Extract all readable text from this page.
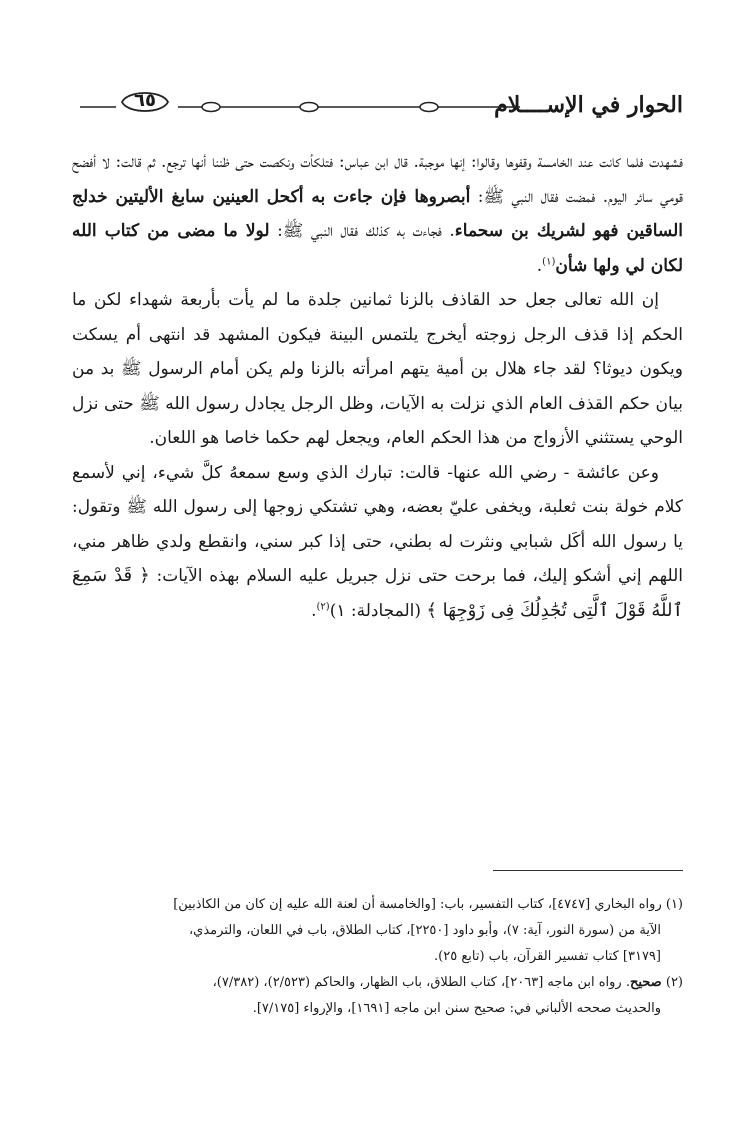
الحوار في الإســــلام
٦٥

فشهدت فلما كانت عند الخامسة وقفوها وقالوا: إنها موجبة. قال ابن عباس: فتلكأت ونكصت حتى ظننا أنها ترجع. ثم قالت: لا أفضح قومي سائر اليوم. فمضت فقال النبي ﷺ: أبصروها فإن جاءت به أكحل العينين سابغ الأليتين خدلج الساقين فهو لشريك بن سحماء. فجاءت به كذلك فقال النبي ﷺ: لولا ما مضى من كتاب الله لكان لي ولها شأن$^{(١)}$.

إن الله تعالى جعل حد القاذف بالزنا ثمانين جلدة ما لم يأت بأربعة شهداء لكن ما الحكم إذا قذف الرجل زوجته أيخرج يلتمس البينة فيكون المشهد قد انتهى أم يسكت ويكون ديوثا؟ لقد جاء هلال بن أمية يتهم امرأته بالزنا ولم يكن أمام الرسول ﷺ بد من بيان حكم القذف العام الذي نزلت به الآيات، وظل الرجل يجادل رسول الله ﷺ حتى نزل الوحي يستثني الأزواج من هذا الحكم العام، ويجعل لهم حكما خاصا هو اللعان.

وعن عائشة - رضي الله عنها- قالت: تبارك الذي وسع سمعهُ كلَّ شيء، إني لأسمع كلام خولة بنت ثعلبة، ويخفى عليّ بعضه، وهي تشتكي زوجها إلى رسول الله ﷺ وتقول: يا رسول الله أكَل شبابي ونثرت له بطني، حتى إذا كبر سني، وانقطع ولدي ظاهر مني، اللهم إني أشكو إليك، فما برحت حتى نزل جبريل عليه السلام بهذه الآيات: ﴿ قَدْ سَمِعَ ٱللَّهُ قَوْلَ ٱلَّتِى تُجَٰدِلُكَ فِى زَوْجِهَا ﴾ (المجادلة: ١)$^{(٢)}$.

(١) رواه البخاري [٤٧٤٧]، كتاب التفسير، باب: [والخامسة أن لعنة الله عليه إن كان من الكاذبين]

الآية من (سورة النور، آية: ٧)، وأبو داود [٢٢٥٠]، كتاب الطلاق، باب في اللعان، والترمذي،

[٣١٧٩] كتاب تفسير القرآن، باب (تابع ٢٥).

(٢) صحيح. رواه ابن ماجه [٢٠٦٣]، كتاب الطلاق، باب الظهار، والحاكم (٢/٥٢٣)، (٧/٣٨٢)،

والحديث صححه الألباني في: صحيح سنن ابن ماجه [١٦٩١]، والإرواء [٧/١٧٥].
